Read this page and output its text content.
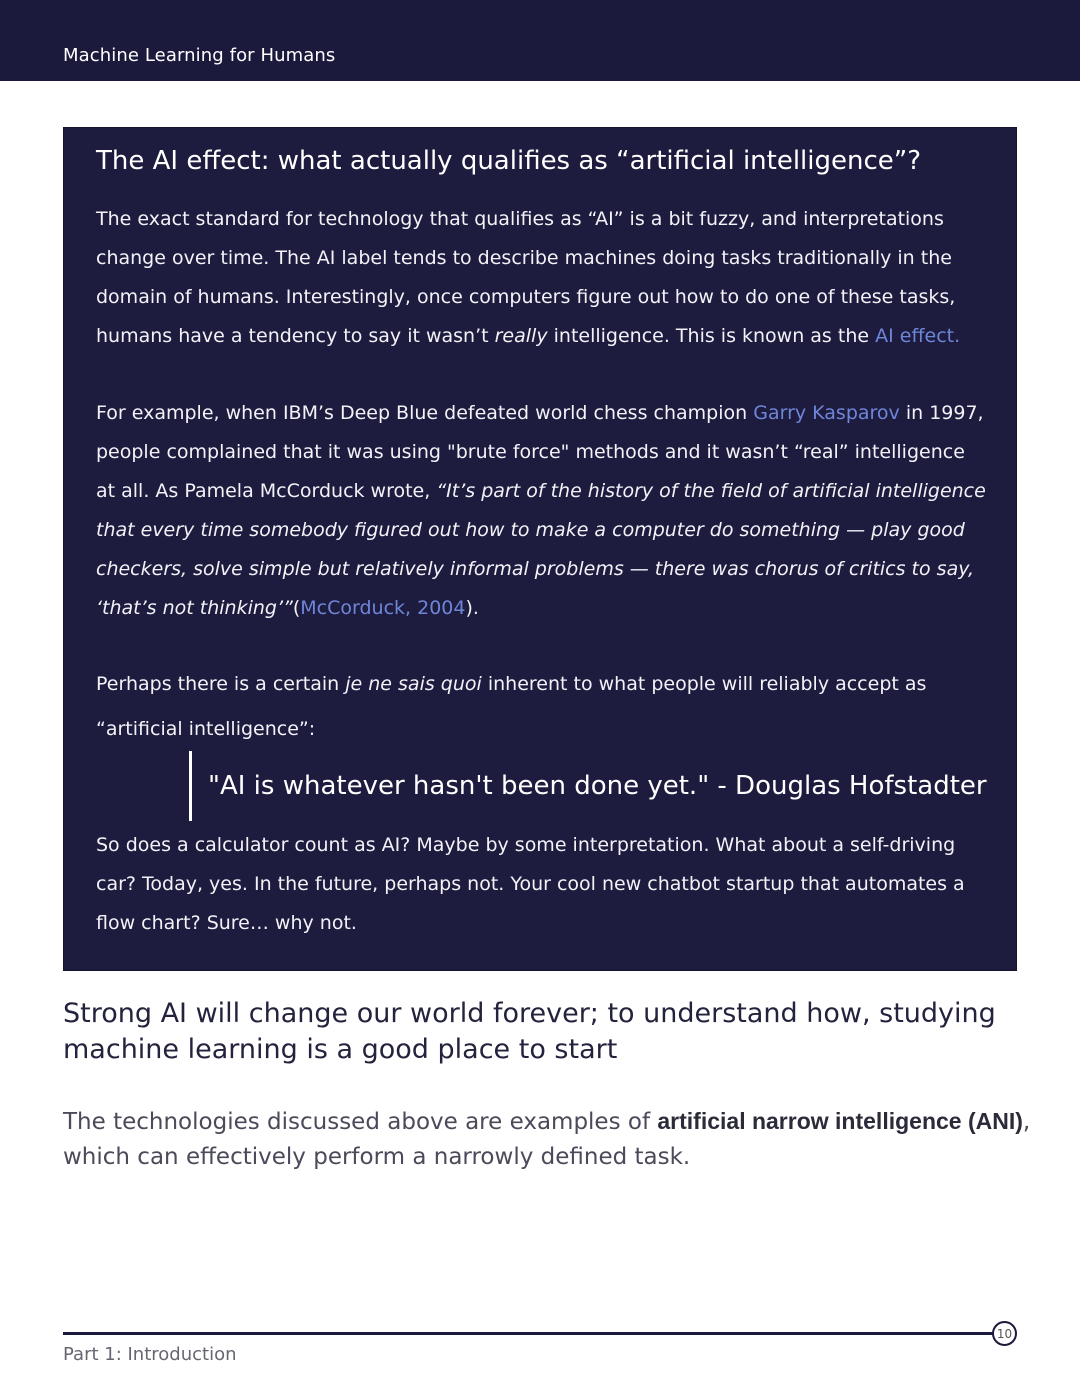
Machine Learning for Humans
The AI effect: what actually qualifies as “artificial intelligence”?
The exact standard for technology that qualifies as “AI” is a bit fuzzy, and interpretations
change over time. The AI label tends to describe machines doing tasks traditionally in the
domain of humans. Interestingly, once computers figure out how to do one of these tasks,
humans have a tendency to say it wasn’t really intelligence. This is known as the AI effect.
For example, when IBM’s Deep Blue defeated world chess champion Garry Kasparov in 1997,
people complained that it was using "brute force" methods and it wasn’t “real” intelligence
at all. As Pamela McCorduck wrote, “It’s part of the history of the field of artificial intelligence
that every time somebody figured out how to make a computer do something — play good
checkers, solve simple but relatively informal problems — there was chorus of critics to say,
‘that’s not thinking’”(McCorduck, 2004).
Perhaps there is a certain je ne sais quoi inherent to what people will reliably accept as
“artificial intelligence”:
"AI is whatever hasn't been done yet." - Douglas Hofstadter
So does a calculator count as AI? Maybe by some interpretation. What about a self-driving
car? Today, yes. In the future, perhaps not. Your cool new chatbot startup that automates a
flow chart? Sure… why not.
Strong AI will change our world forever; to understand how, studying
machine learning is a good place to start
The technologies discussed above are examples of artificial narrow intelligence (ANI),
which can effectively perform a narrowly defined task.
10
Part 1: Introduction
